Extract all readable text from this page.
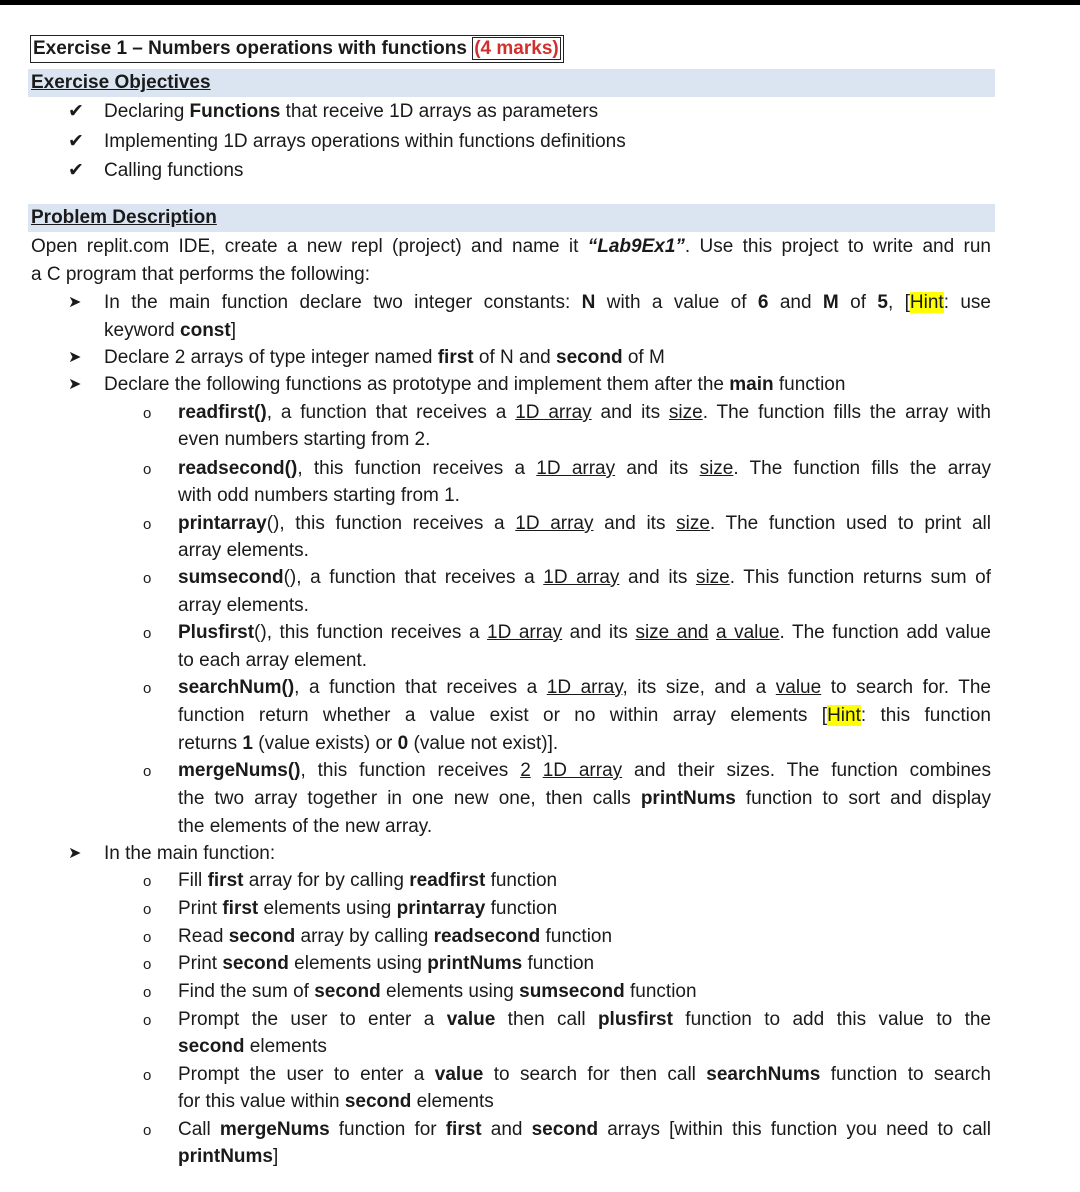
Exercise 1 – Numbers operations with functions (4 marks)
Exercise Objectives
✔ Declaring Functions that receive 1D arrays as parameters
✔ Implementing 1D arrays operations within functions definitions
✔ Calling functions
Problem Description
Open replit.com IDE, create a new repl (project) and name it “Lab9Ex1”. Use this project to write and run
a C program that performs the following:
➤ In the main function declare two integer constants: N with a value of 6 and M of 5, [Hint: use
keyword const]
➤ Declare 2 arrays of type integer named first of N and second of M
➤ Declare the following functions as prototype and implement them after the main function
o readfirst(), a function that receives a 1D array and its size. The function fills the array with
even numbers starting from 2.
o readsecond(), this function receives a 1D array and its size. The function fills the array
with odd numbers starting from 1.
o printarray(), this function receives a 1D array and its size. The function used to print all
array elements.
o sumsecond(), a function that receives a 1D array and its size. This function returns sum of
array elements.
o Plusfirst(), this function receives a 1D array and its size and a value. The function add value
to each array element.
o searchNum(), a function that receives a 1D array, its size, and a value to search for. The
function return whether a value exist or no within array elements [Hint: this function
returns 1 (value exists) or 0 (value not exist)].
o mergeNums(), this function receives 2 1D array and their sizes. The function combines
the two array together in one new one, then calls printNums function to sort and display
the elements of the new array.
➤ In the main function:
o Fill first array for by calling readfirst function
o Print first elements using printarray function
o Read second array by calling readsecond function
o Print second elements using printNums function
o Find the sum of second elements using sumsecond function
o Prompt the user to enter a value then call plusfirst function to add this value to the
second elements
o Prompt the user to enter a value to search for then call searchNums function to search
for this value within second elements
o Call mergeNums function for first and second arrays [within this function you need to call
printNums]
